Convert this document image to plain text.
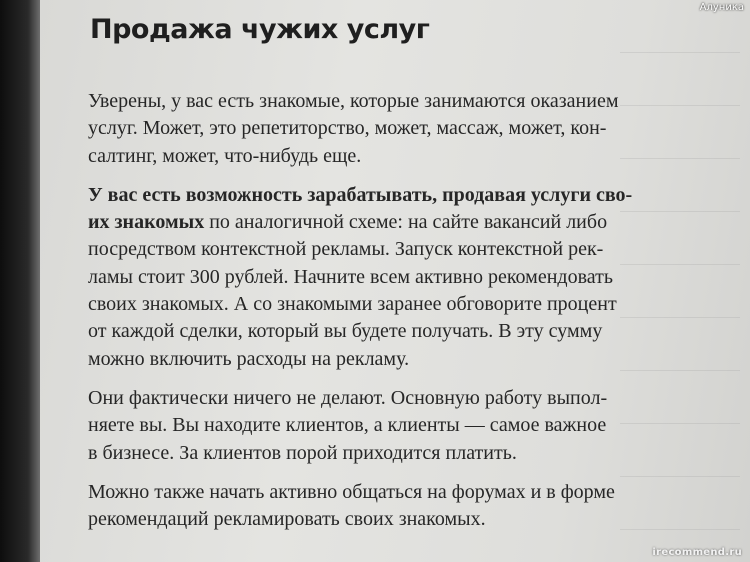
Продажа чужих услуг

Уверены, у вас есть знакомые, которые занимаются оказанием
услуг. Может, это репетиторство, может, массаж, может, кон-
салтинг, может, что-нибудь еще.

У вас есть возможность зарабатывать, продавая услуги сво-
их знакомых по аналогичной схеме: на сайте вакансий либо
посредством контекстной рекламы. Запуск контекстной рек-
ламы стоит 300 рублей. Начните всем активно рекомендовать
своих знакомых. А со знакомыми заранее обговорите процент
от каждой сделки, который вы будете получать. В эту сумму
можно включить расходы на рекламу.

Они фактически ничего не делают. Основную работу выпол-
няете вы. Вы находите клиентов, а клиенты — самое важное
в бизнесе. За клиентов порой приходится платить.

Можно также начать активно общаться на форумах и в форме
рекомендаций рекламировать своих знакомых.

Алуника
irecommend.ru
